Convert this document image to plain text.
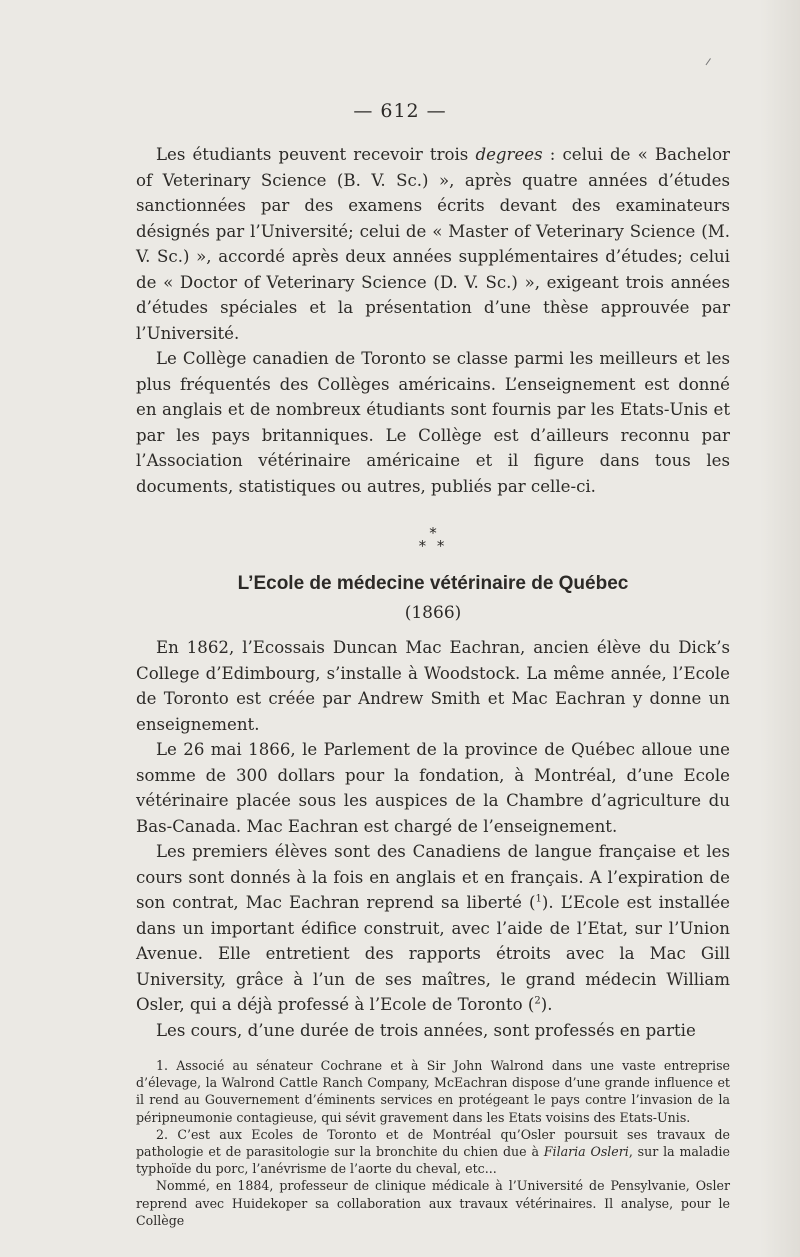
— 612 —

Les étudiants peuvent recevoir trois degrees : celui de « Bachelor of Veterinary Science (B. V. Sc.) », après quatre années d’études sanctionnées par des examens écrits devant des examinateurs désignés par l’Université; celui de « Master of Veterinary Science (M. V. Sc.) », accordé après deux années supplémentaires d’études; celui de « Doctor of Veterinary Science (D. V. Sc.) », exigeant trois années d’études spéciales et la présentation d’une thèse approuvée par l’Université.

Le Collège canadien de Toronto se classe parmi les meilleurs et les plus fréquentés des Collèges américains. L’enseignement est donné en anglais et de nombreux étudiants sont fournis par les Etats-Unis et par les pays britanniques. Le Collège est d’ailleurs reconnu par l’Association vétérinaire américaine et il figure dans tous les documents, statistiques ou autres, publiés par celle-ci.

*
* *
L’Ecole de médecine vétérinaire de Québec
(1866)

En 1862, l’Ecossais Duncan Mac Eachran, ancien élève du Dick’s College d’Edimbourg, s’installe à Woodstock. La même année, l’Ecole de Toronto est créée par Andrew Smith et Mac Eachran y donne un enseignement.

Le 26 mai 1866, le Parlement de la province de Québec alloue une somme de 300 dollars pour la fondation, à Montréal, d’une Ecole vétérinaire placée sous les auspices de la Chambre d’agriculture du Bas-Canada. Mac Eachran est chargé de l’enseignement.

Les premiers élèves sont des Canadiens de langue française et les cours sont donnés à la fois en anglais et en français. A l’expiration de son contrat, Mac Eachran reprend sa liberté ($^1$). L’Ecole est installée dans un important édifice construit, avec l’aide de l’Etat, sur l’Union Avenue. Elle entretient des rapports étroits avec la Mac Gill University, grâce à l’un de ses maîtres, le grand médecin William Osler, qui a déjà professé à l’Ecole de Toronto ($^2$).

Les cours, d’une durée de trois années, sont professés en partie

1. Associé au sénateur Cochrane et à Sir John Walrond dans une vaste entreprise d’élevage, la Walrond Cattle Ranch Company, McEachran dispose d’une grande influence et il rend au Gouvernement d’éminents services en protégeant le pays contre l’invasion de la péripneumonie contagieuse, qui sévit gravement dans les Etats voisins des Etats-Unis.

2. C’est aux Ecoles de Toronto et de Montréal qu’Osler poursuit ses travaux de pathologie et de parasitologie sur la bronchite du chien due à Filaria Osleri, sur la maladie typhoïde du porc, l’anévrisme de l’aorte du cheval, etc...

Nommé, en 1884, professeur de clinique médicale à l’Université de Pensylvanie, Osler reprend avec Huidekoper sa collaboration aux travaux vétérinaires. Il analyse, pour le Collège
